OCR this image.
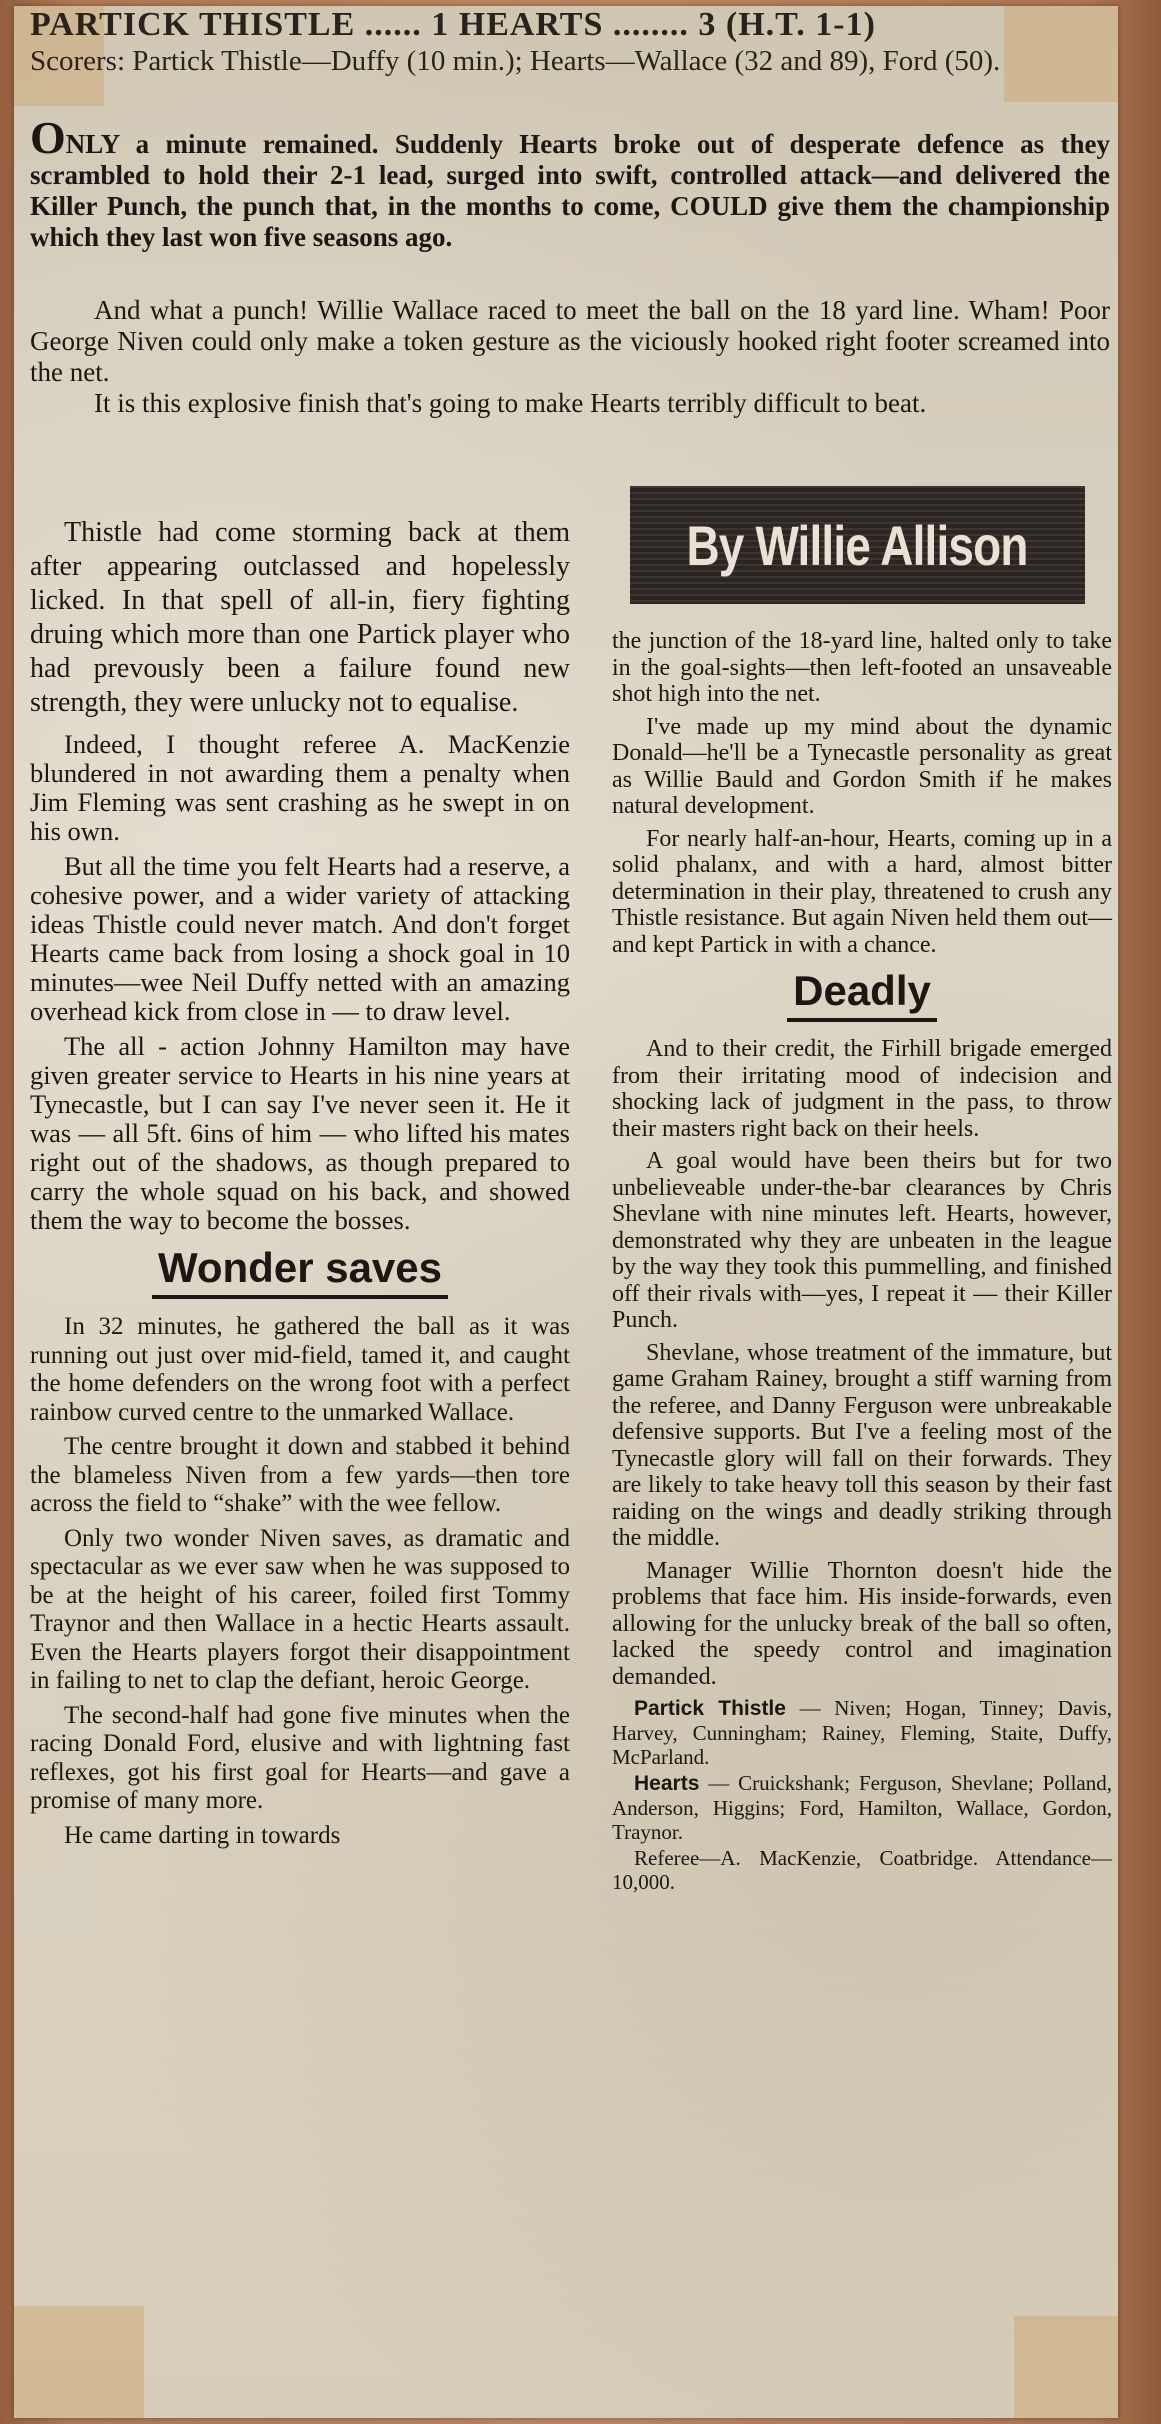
PARTICK THISTLE ...... 1 HEARTS ........ 3 (H.T. 1-1)
Scorers: Partick Thistle—Duffy (10 min.); Hearts—Wallace (32 and 89), Ford (50).
ONLY a minute remained. Suddenly Hearts broke out of desperate defence as they scrambled to hold their 2-1 lead, surged into swift, controlled attack—and delivered the Killer Punch, the punch that, in the months to come, COULD give them the championship which they last won five seasons ago.

And what a punch! Willie Wallace raced to meet the ball on the 18 yard line. Wham! Poor George Niven could only make a token gesture as the viciously hooked right footer screamed into the net.

It is this explosive finish that's going to make Hearts terribly difficult to beat.

By Willie Allison

Thistle had come storming back at them after appearing outclassed and hopelessly licked. In that spell of all-in, fiery fighting druing which more than one Partick player who had prevously been a failure found new strength, they were unlucky not to equalise.

Indeed, I thought referee A. MacKenzie blundered in not awarding them a penalty when Jim Fleming was sent crashing as he swept in on his own.

But all the time you felt Hearts had a reserve, a cohesive power, and a wider variety of attacking ideas Thistle could never match. And don't forget Hearts came back from losing a shock goal in 10 minutes—wee Neil Duffy netted with an amazing overhead kick from close in — to draw level.

The all - action Johnny Hamilton may have given greater service to Hearts in his nine years at Tynecastle, but I can say I've never seen it. He it was — all 5ft. 6ins of him — who lifted his mates right out of the shadows, as though prepared to carry the whole squad on his back, and showed them the way to become the bosses.

Wonder saves

In 32 minutes, he gathered the ball as it was running out just over mid-field, tamed it, and caught the home defenders on the wrong foot with a perfect rainbow curved centre to the unmarked Wallace.

The centre brought it down and stabbed it behind the blameless Niven from a few yards—then tore across the field to “shake” with the wee fellow.

Only two wonder Niven saves, as dramatic and spectacular as we ever saw when he was supposed to be at the height of his career, foiled first Tommy Traynor and then Wallace in a hectic Hearts assault. Even the Hearts players forgot their disappointment in failing to net to clap the defiant, heroic George.

The second-half had gone five minutes when the racing Donald Ford, elusive and with lightning fast reflexes, got his first goal for Hearts—and gave a promise of many more.

He came darting in towards

the junction of the 18-yard line, halted only to take in the goal-sights—then left-footed an unsaveable shot high into the net.

I've made up my mind about the dynamic Donald—he'll be a Tynecastle personality as great as Willie Bauld and Gordon Smith if he makes natural development.

For nearly half-an-hour, Hearts, coming up in a solid phalanx, and with a hard, almost bitter determination in their play, threatened to crush any Thistle resistance. But again Niven held them out—and kept Partick in with a chance.

Deadly

And to their credit, the Firhill brigade emerged from their irritating mood of indecision and shocking lack of judgment in the pass, to throw their masters right back on their heels.

A goal would have been theirs but for two unbelieveable under-the-bar clearances by Chris Shevlane with nine minutes left. Hearts, however, demonstrated why they are unbeaten in the league by the way they took this pummelling, and finished off their rivals with—yes, I repeat it — their Killer Punch.

Shevlane, whose treatment of the immature, but game Graham Rainey, brought a stiff warning from the referee, and Danny Ferguson were unbreakable defensive supports. But I've a feeling most of the Tynecastle glory will fall on their forwards. They are likely to take heavy toll this season by their fast raiding on the wings and deadly striking through the middle.

Manager Willie Thornton doesn't hide the problems that face him. His inside-forwards, even allowing for the unlucky break of the ball so often, lacked the speedy control and imagination demanded.

Partick Thistle — Niven; Hogan, Tinney; Davis, Harvey, Cunningham; Rainey, Fleming, Staite, Duffy, McParland.

Hearts — Cruickshank; Ferguson, Shevlane; Polland, Anderson, Higgins; Ford, Hamilton, Wallace, Gordon, Traynor.

Referee—A. MacKenzie, Coatbridge. Attendance—10,000.
